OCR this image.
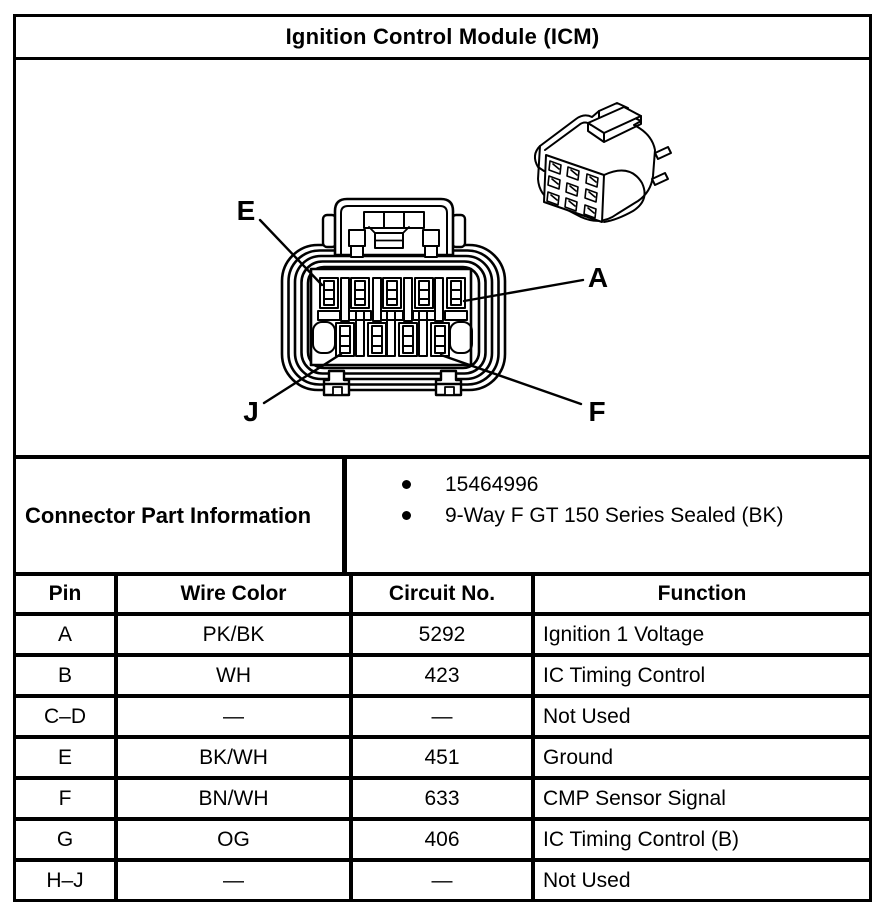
Ignition Control Module (ICM)
E
A
J	F
Connector Part Information
15464996
9-Way F GT 150 Series Sealed (BK)
Pin	Wire Color	Circuit No.	Function
A	PK/BK	5292	Ignition 1 Voltage
B	WH	423	IC Timing Control
C–D	—	—	Not Used
E	BK/WH	451	Ground
F	BN/WH	633	CMP Sensor Signal
G	OG	406	IC Timing Control (B)
H–J	—	—	Not Used
